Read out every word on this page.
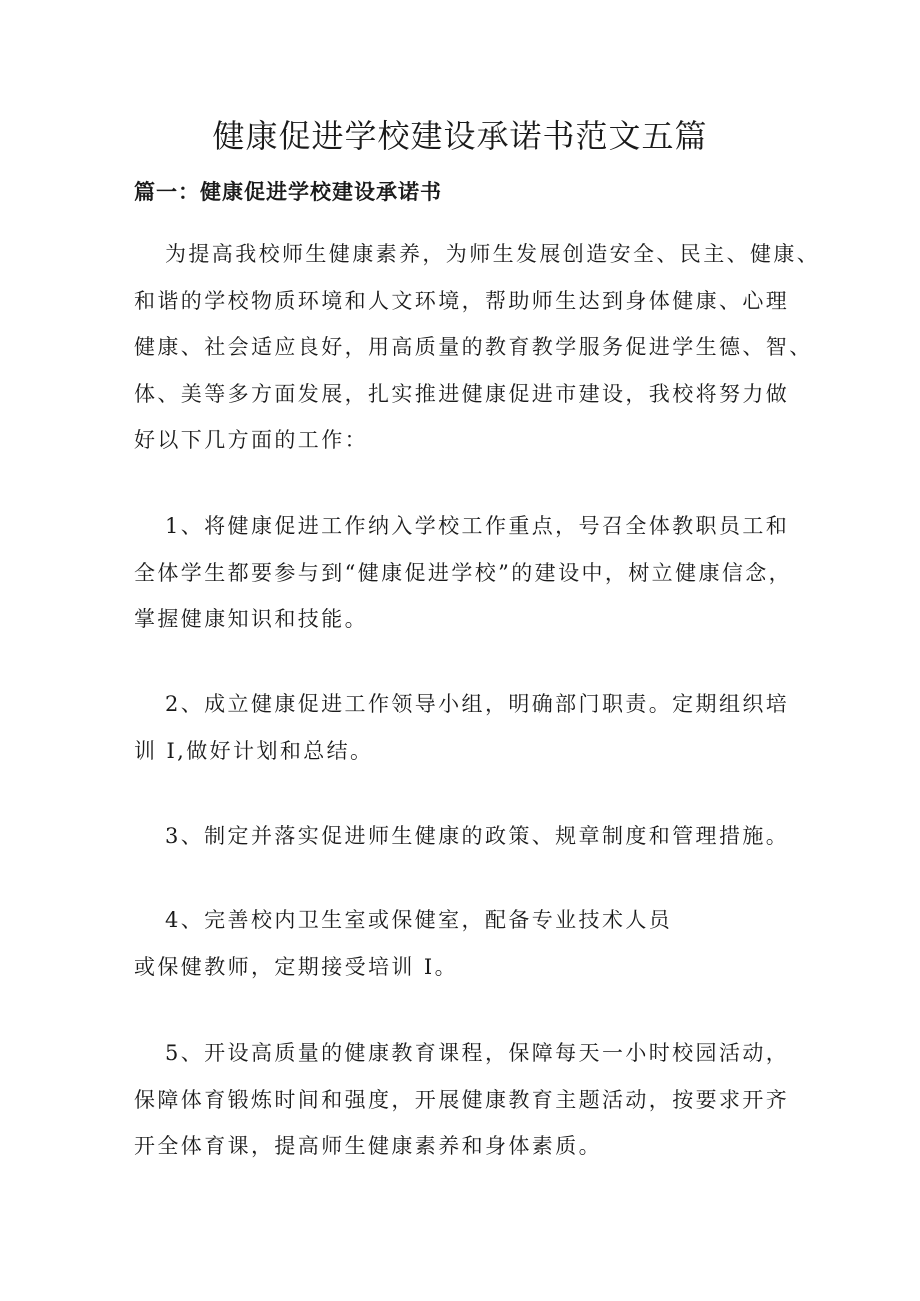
健康促进学校建设承诺书范文五篇
篇一：健康促进学校建设承诺书

为提高我校师生健康素养，为师生发展创造安全、民主、健康、
和谐的学校物质环境和人文环境，帮助师生达到身体健康、心理
健康、社会适应良好，用高质量的教育教学服务促进学生德、智、
体、美等多方面发展，扎实推进健康促进市建设，我校将努力做
好以下几方面的工作：

1、将健康促进工作纳入学校工作重点，号召全体教职员工和
全体学生都要参与到“健康促进学校”的建设中，树立健康信念，
掌握健康知识和技能。

2、成立健康促进工作领导小组，明确部门职责。定期组织培
训 I,做好计划和总结。

3、制定并落实促进师生健康的政策、规章制度和管理措施。

4、完善校内卫生室或保健室，配备专业技术人员
或保健教师，定期接受培训 I。

5、开设高质量的健康教育课程，保障每天一小时校园活动，
保障体育锻炼时间和强度，开展健康教育主题活动，按要求开齐
开全体育课，提高师生健康素养和身体素质。
